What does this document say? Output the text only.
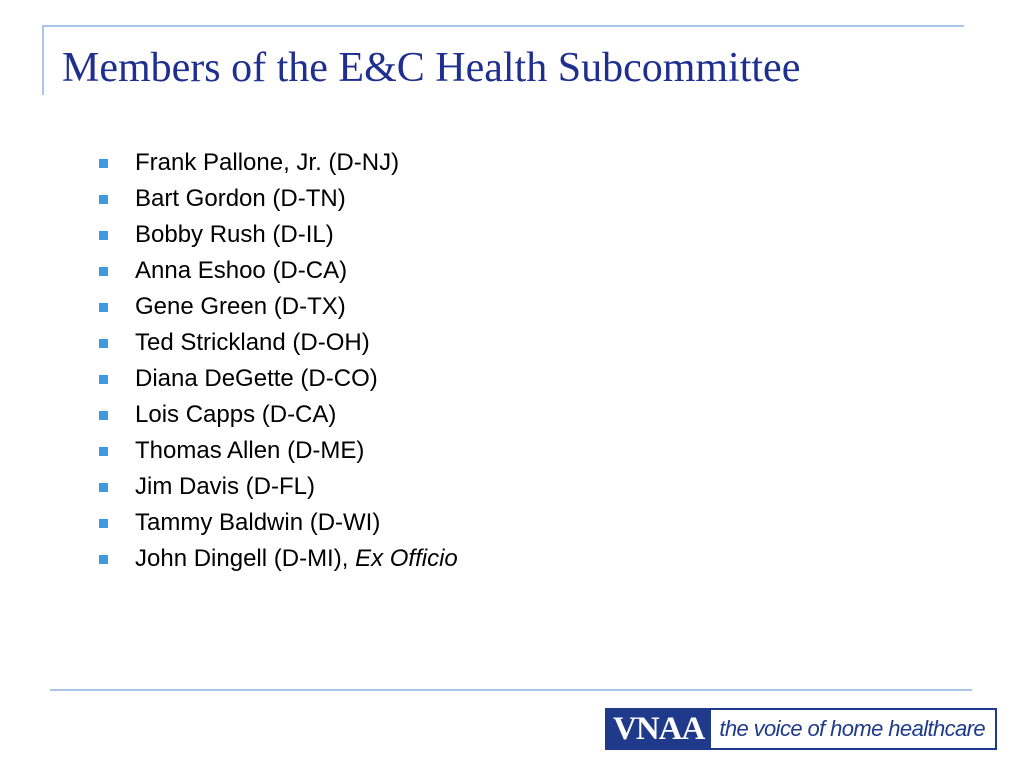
Members of the E&C Health Subcommittee
Frank Pallone, Jr. (D-NJ)
Bart Gordon (D-TN)
Bobby Rush (D-IL)
Anna Eshoo (D-CA)
Gene Green (D-TX)
Ted Strickland (D-OH)
Diana DeGette (D-CO)
Lois Capps (D-CA)
Thomas Allen (D-ME)
Jim Davis (D-FL)
Tammy Baldwin (D-WI)
John Dingell (D-MI), Ex Officio
VNAA the voice of home healthcare
